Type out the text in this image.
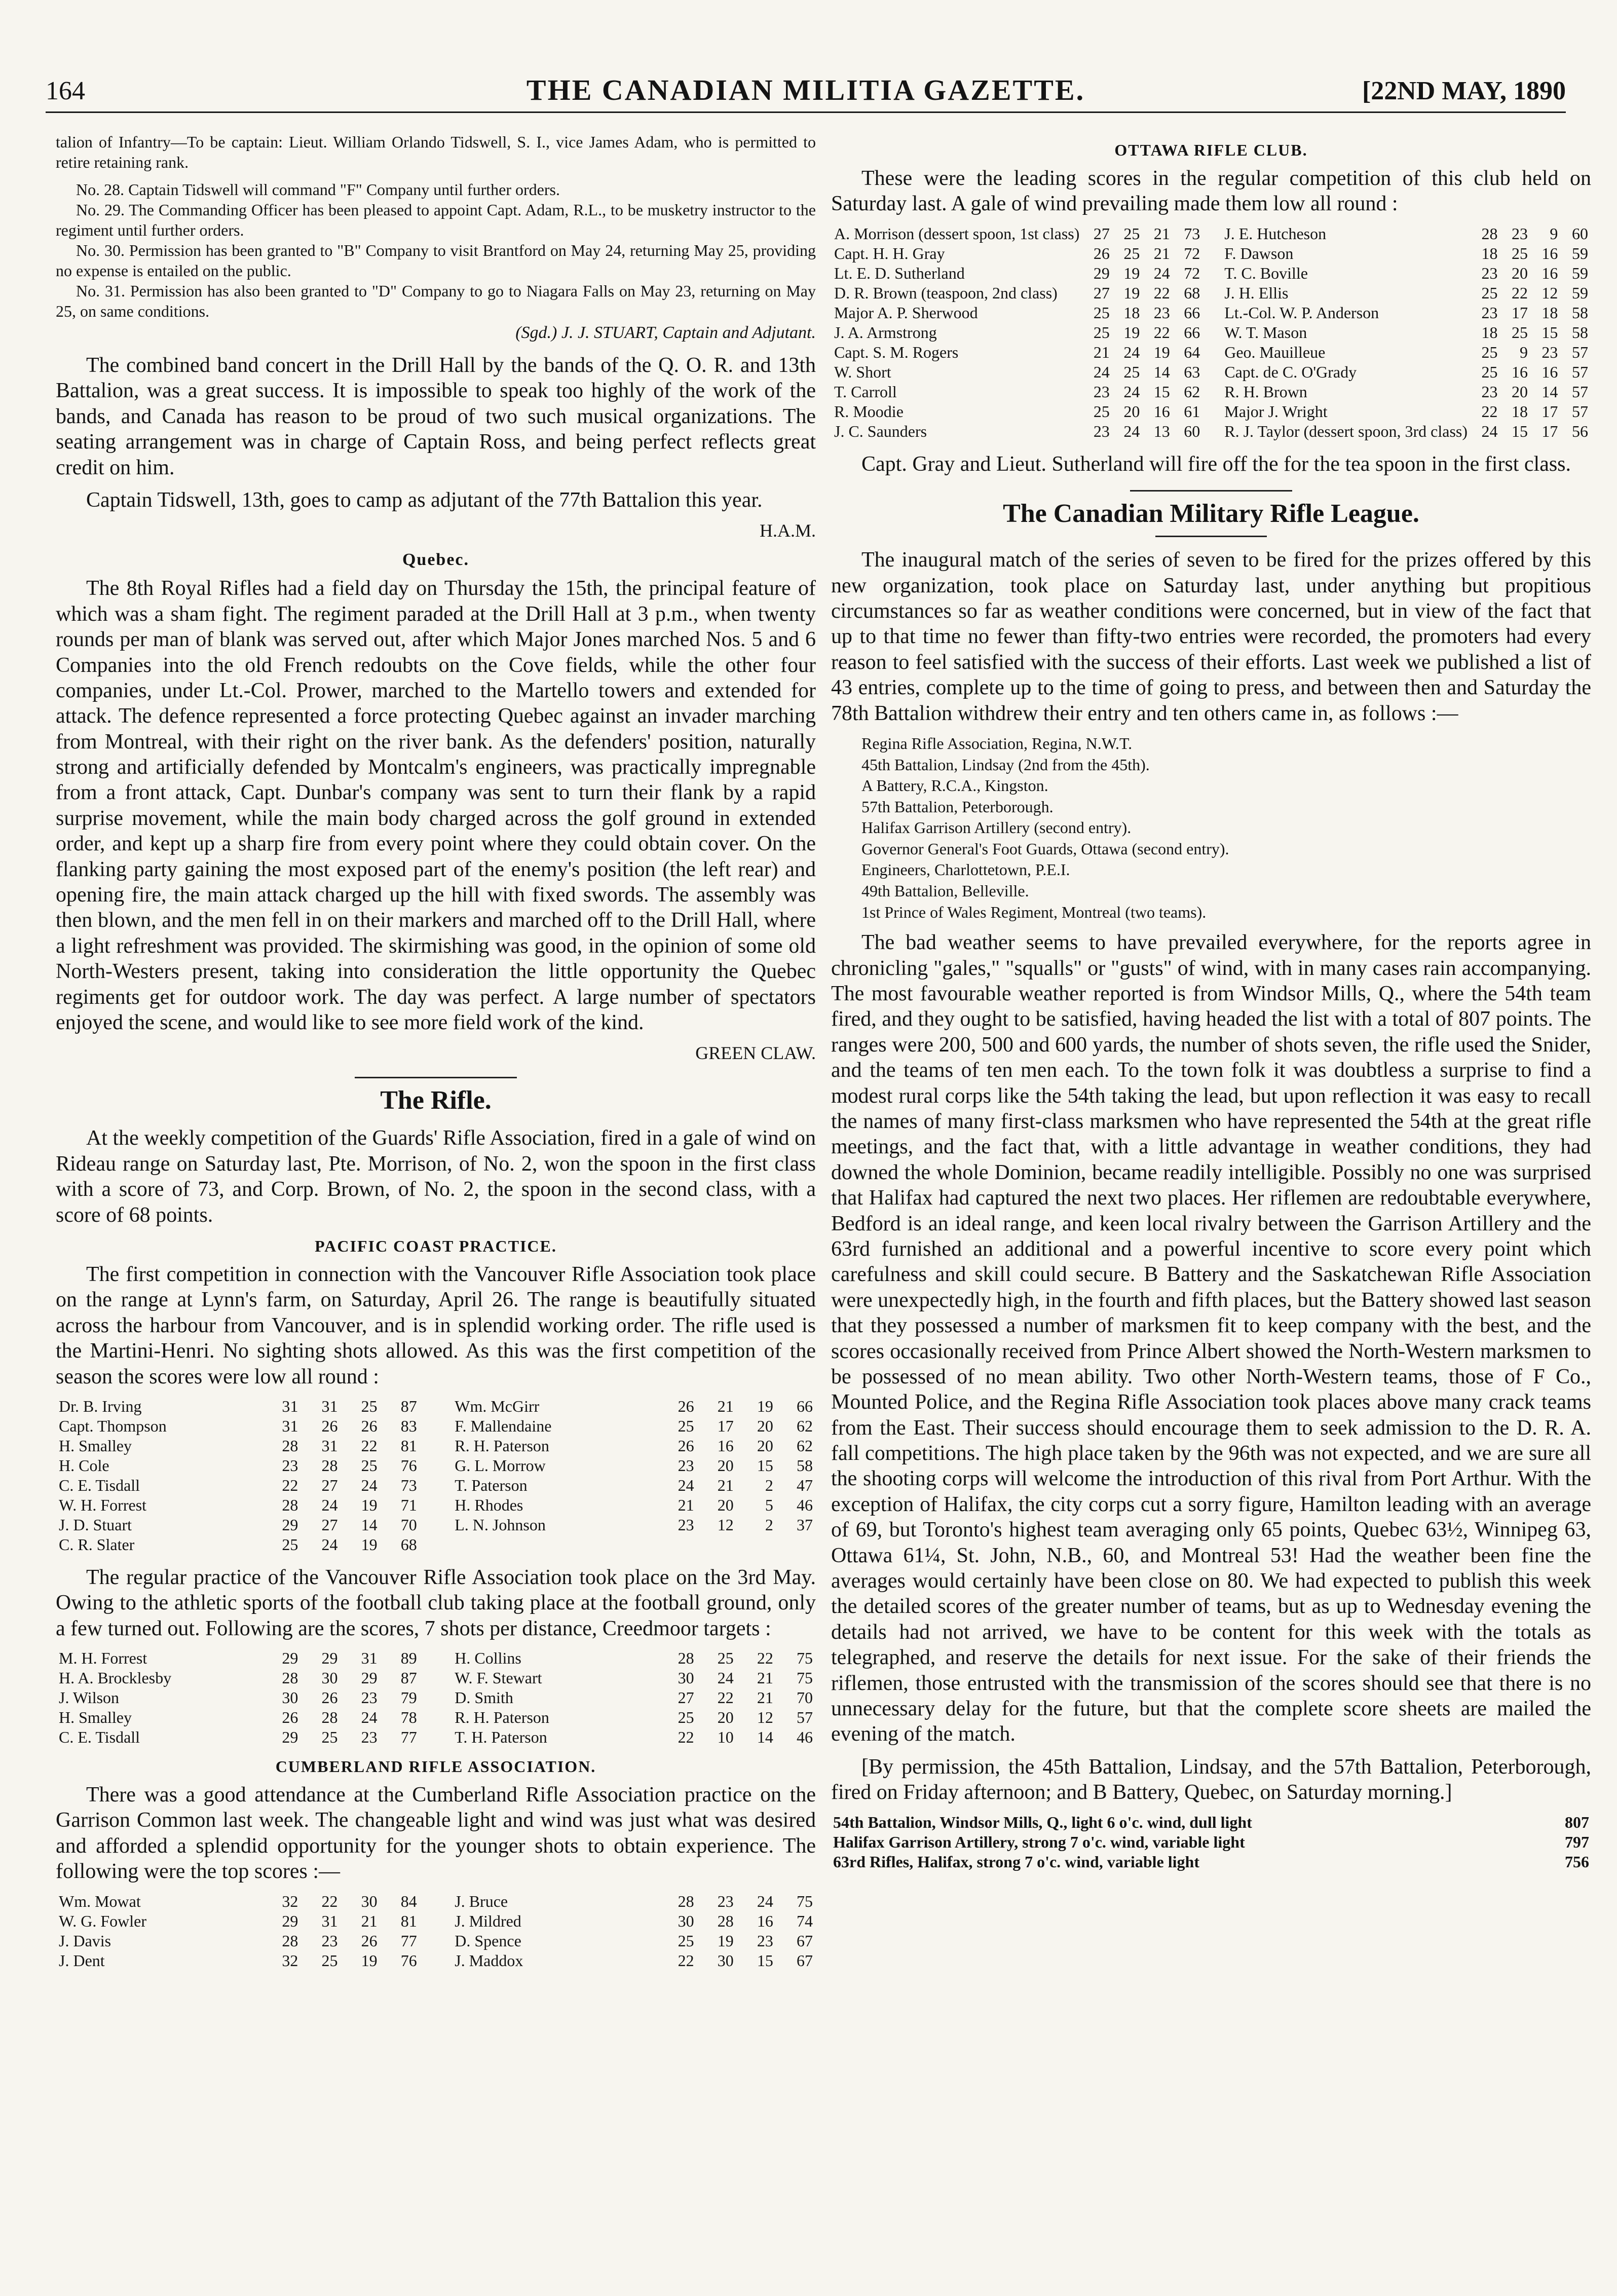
164	THE CANADIAN MILITIA GAZETTE.	[22ND MAY, 1890

talion of Infantry—To be captain: Lieut. William Orlando Tidswell, S. I., vice James Adam, who is permitted to retire retaining rank.

No. 28. Captain Tidswell will command "F" Company until further orders.

No. 29. The Commanding Officer has been pleased to appoint Capt. Adam, R.L., to be musketry instructor to the regiment until further orders.

No. 30. Permission has been granted to "B" Company to visit Brantford on May 24, returning May 25, providing no expense is entailed on the public.

No. 31. Permission has also been granted to "D" Company to go to Niagara Falls on May 23, returning on May 25, on same conditions.

(Sgd.) J. J. STUART, Captain and Adjutant.

The combined band concert in the Drill Hall by the bands of the Q. O. R. and 13th Battalion, was a great success. It is impossible to speak too highly of the work of the bands, and Canada has reason to be proud of two such musical organizations. The seating arrangement was in charge of Captain Ross, and being perfect reflects great credit on him.

Captain Tidswell, 13th, goes to camp as adjutant of the 77th Battalion this year.

H.A.M.
Quebec.

The 8th Royal Rifles had a field day on Thursday the 15th, the principal feature of which was a sham fight. The regiment paraded at the Drill Hall at 3 p.m., when twenty rounds per man of blank was served out, after which Major Jones marched Nos. 5 and 6 Companies into the old French redoubts on the Cove fields, while the other four companies, under Lt.-Col. Prower, marched to the Martello towers and extended for attack. The defence represented a force protecting Quebec against an invader marching from Montreal, with their right on the river bank. As the defenders' position, naturally strong and artificially defended by Montcalm's engineers, was practically impregnable from a front attack, Capt. Dunbar's company was sent to turn their flank by a rapid surprise movement, while the main body charged across the golf ground in extended order, and kept up a sharp fire from every point where they could obtain cover. On the flanking party gaining the most exposed part of the enemy's position (the left rear) and opening fire, the main attack charged up the hill with fixed swords. The assembly was then blown, and the men fell in on their markers and marched off to the Drill Hall, where a light refreshment was provided. The skirmishing was good, in the opinion of some old North-Westers present, taking into consideration the little opportunity the Quebec regiments get for outdoor work. The day was perfect. A large number of spectators enjoyed the scene, and would like to see more field work of the kind.

GREEN CLAW.
The Rifle.

At the weekly competition of the Guards' Rifle Association, fired in a gale of wind on Rideau range on Saturday last, Pte. Morrison, of No. 2, won the spoon in the first class with a score of 73, and Corp. Brown, of No. 2, the spoon in the second class, with a score of 68 points.

PACIFIC COAST PRACTICE.

The first competition in connection with the Vancouver Rifle Association took place on the range at Lynn's farm, on Saturday, April 26. The range is beautifully situated across the harbour from Vancouver, and is in splendid working order. The rifle used is the Martini-Henri. No sighting shots allowed. As this was the first competition of the season the scores were low all round :

Dr. B. Irving	31	31	25	87		Wm. McGirr	26	21	19	66
Capt. Thompson	31	26	26	83		F. Mallendaine	25	17	20	62
H. Smalley	28	31	22	81		R. H. Paterson	26	16	20	62
H. Cole	23	28	25	76		G. L. Morrow	23	20	15	58
C. E. Tisdall	22	27	24	73		T. Paterson	24	21	2	47
W. H. Forrest	28	24	19	71		H. Rhodes	21	20	5	46
J. D. Stuart	29	27	14	70		L. N. Johnson	23	12	2	37
C. R. Slater	25	24	19	68						

The regular practice of the Vancouver Rifle Association took place on the 3rd May. Owing to the athletic sports of the football club taking place at the football ground, only a few turned out. Following are the scores, 7 shots per distance, Creedmoor targets :

M. H. Forrest	29	29	31	89		H. Collins	28	25	22	75
H. A. Brocklesby	28	30	29	87		W. F. Stewart	30	24	21	75
J. Wilson	30	26	23	79		D. Smith	27	22	21	70
H. Smalley	26	28	24	78		R. H. Paterson	25	20	12	57
C. E. Tisdall	29	25	23	77		T. H. Paterson	22	10	14	46
CUMBERLAND RIFLE ASSOCIATION.

There was a good attendance at the Cumberland Rifle Association practice on the Garrison Common last week. The changeable light and wind was just what was desired and afforded a splendid opportunity for the younger shots to obtain experience. The following were the top scores :—

Wm. Mowat	32	22	30	84		J. Bruce	28	23	24	75
W. G. Fowler	29	31	21	81		J. Mildred	30	28	16	74
J. Davis	28	23	26	77		D. Spence	25	19	23	67
J. Dent	32	25	19	76		J. Maddox	22	30	15	67
OTTAWA RIFLE CLUB.

These were the leading scores in the regular competition of this club held on Saturday last. A gale of wind prevailing made them low all round :

A. Morrison (dessert spoon, 1st class)	27	25	21	73		J. E. Hutcheson	28	23	9	60
Capt. H. H. Gray	26	25	21	72		F. Dawson	18	25	16	59
Lt. E. D. Sutherland	29	19	24	72		T. C. Boville	23	20	16	59
D. R. Brown (teaspoon, 2nd class)	27	19	22	68		J. H. Ellis	25	22	12	59
Major A. P. Sherwood	25	18	23	66		Lt.-Col. W. P. Anderson	23	17	18	58
J. A. Armstrong	25	19	22	66		W. T. Mason	18	25	15	58
Capt. S. M. Rogers	21	24	19	64		Geo. Mauilleue	25	9	23	57
W. Short	24	25	14	63		Capt. de C. O'Grady	25	16	16	57
T. Carroll	23	24	15	62		R. H. Brown	23	20	14	57
R. Moodie	25	20	16	61		Major J. Wright	22	18	17	57
J. C. Saunders	23	24	13	60		R. J. Taylor (dessert spoon, 3rd class)	24	15	17	56

Capt. Gray and Lieut. Sutherland will fire off the for the tea spoon in the first class.

The Canadian Military Rifle League.

The inaugural match of the series of seven to be fired for the prizes offered by this new organization, took place on Saturday last, under anything but propitious circumstances so far as weather conditions were concerned, but in view of the fact that up to that time no fewer than fifty-two entries were recorded, the promoters had every reason to feel satisfied with the success of their efforts. Last week we published a list of 43 entries, complete up to the time of going to press, and between then and Saturday the 78th Battalion withdrew their entry and ten others came in, as follows :—

Regina Rifle Association, Regina, N.W.T.
45th Battalion, Lindsay (2nd from the 45th).
A Battery, R.C.A., Kingston.
57th Battalion, Peterborough.
Halifax Garrison Artillery (second entry).
Governor General's Foot Guards, Ottawa (second entry).
Engineers, Charlottetown, P.E.I.
49th Battalion, Belleville.
1st Prince of Wales Regiment, Montreal (two teams).

The bad weather seems to have prevailed everywhere, for the reports agree in chronicling "gales," "squalls" or "gusts" of wind, with in many cases rain accompanying. The most favourable weather reported is from Windsor Mills, Q., where the 54th team fired, and they ought to be satisfied, having headed the list with a total of 807 points. The ranges were 200, 500 and 600 yards, the number of shots seven, the rifle used the Snider, and the teams of ten men each. To the town folk it was doubtless a surprise to find a modest rural corps like the 54th taking the lead, but upon reflection it was easy to recall the names of many first-class marksmen who have represented the 54th at the great rifle meetings, and the fact that, with a little advantage in weather conditions, they had downed the whole Dominion, became readily intelligible. Possibly no one was surprised that Halifax had captured the next two places. Her riflemen are redoubtable everywhere, Bedford is an ideal range, and keen local rivalry between the Garrison Artillery and the 63rd furnished an additional and a powerful incentive to score every point which carefulness and skill could secure. B Battery and the Saskatchewan Rifle Association were unexpectedly high, in the fourth and fifth places, but the Battery showed last season that they possessed a number of marksmen fit to keep company with the best, and the scores occasionally received from Prince Albert showed the North-Western marksmen to be possessed of no mean ability. Two other North-Western teams, those of F Co., Mounted Police, and the Regina Rifle Association took places above many crack teams from the East. Their success should encourage them to seek admission to the D. R. A. fall competitions. The high place taken by the 96th was not expected, and we are sure all the shooting corps will welcome the introduction of this rival from Port Arthur. With the exception of Halifax, the city corps cut a sorry figure, Hamilton leading with an average of 69, but Toronto's highest team averaging only 65 points, Quebec 63½, Winnipeg 63, Ottawa 61¼, St. John, N.B., 60, and Montreal 53! Had the weather been fine the averages would certainly have been close on 80. We had expected to publish this week the detailed scores of the greater number of teams, but as up to Wednesday evening the details had not arrived, we have to be content for this week with the totals as telegraphed, and reserve the details for next issue. For the sake of their friends the riflemen, those entrusted with the transmission of the scores should see that there is no unnecessary delay for the future, but that the complete score sheets are mailed the evening of the match.

[By permission, the 45th Battalion, Lindsay, and the 57th Battalion, Peterborough, fired on Friday afternoon; and B Battery, Quebec, on Saturday morning.]

54th Battalion, Windsor Mills, Q., light 6 o'c. wind, dull light	807
Halifax Garrison Artillery, strong 7 o'c. wind, variable light	797
63rd Rifles, Halifax, strong 7 o'c. wind, variable light	756
